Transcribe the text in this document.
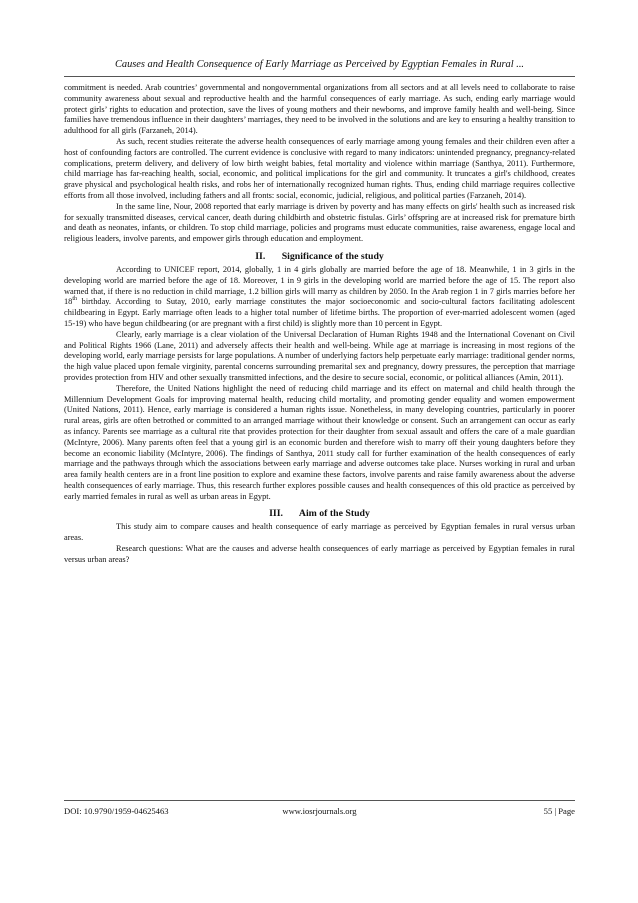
Causes and Health Consequence of Early Marriage as Perceived by Egyptian Females in Rural ...

commitment is needed. Arab countries’ governmental and nongovernmental organizations from all sectors and at all levels need to collaborate to raise community awareness about sexual and reproductive health and the harmful consequences of early marriage. As such, ending early marriage would protect girls’ rights to education and protection, save the lives of young mothers and their newborns, and improve family health and well-being. Since families have tremendous influence in their daughters’ marriages, they need to be involved in the solutions and are key to ensuring a healthy transition to adulthood for all girls (Farzaneh, 2014).

As such, recent studies reiterate the adverse health consequences of early marriage among young females and their children even after a host of confounding factors are controlled. The current evidence is conclusive with regard to many indicators: unintended pregnancy, pregnancy-related complications, preterm delivery, and delivery of low birth weight babies, fetal mortality and violence within marriage (Santhya, 2011). Furthermore, child marriage has far-reaching health, social, economic, and political implications for the girl and community. It truncates a girl's childhood, creates grave physical and psychological health risks, and robs her of internationally recognized human rights. Thus, ending child marriage requires collective efforts from all those involved, including fathers and all fronts: social, economic, judicial, religious, and political parties (Farzaneh, 2014).

In the same line, Nour, 2008 reported that early marriage is driven by poverty and has many effects on girls' health such as increased risk for sexually transmitted diseases, cervical cancer, death during childbirth and obstetric fistulas. Girls’ offspring are at increased risk for premature birth and death as neonates, infants, or children. To stop child marriage, policies and programs must educate communities, raise awareness, engage local and religious leaders, involve parents, and empower girls through education and employment.

II. Significance of the study

According to UNICEF report, 2014, globally, 1 in 4 girls globally are married before the age of 18. Meanwhile, 1 in 3 girls in the developing world are married before the age of 18. Moreover, 1 in 9 girls in the developing world are married before the age of 15. The report also warned that, if there is no reduction in child marriage, 1.2 billion girls will marry as children by 2050. In the Arab region 1 in 7 girls marries before her 18th birthday. According to Sutay, 2010, early marriage constitutes the major socioeconomic and socio-cultural factors facilitating adolescent childbearing in Egypt. Early marriage often leads to a higher total number of lifetime births. The proportion of ever-married adolescent women (aged 15-19) who have begun childbearing (or are pregnant with a first child) is slightly more than 10 percent in Egypt.

Clearly, early marriage is a clear violation of the Universal Declaration of Human Rights 1948 and the International Covenant on Civil and Political Rights 1966 (Lane, 2011) and adversely affects their health and well-being. While age at marriage is increasing in most regions of the developing world, early marriage persists for large populations. A number of underlying factors help perpetuate early marriage: traditional gender norms, the high value placed upon female virginity, parental concerns surrounding premarital sex and pregnancy, dowry pressures, the perception that marriage provides protection from HIV and other sexually transmitted infections, and the desire to secure social, economic, or political alliances (Amin, 2011).

Therefore, the United Nations highlight the need of reducing child marriage and its effect on maternal and child health through the Millennium Development Goals for improving maternal health, reducing child mortality, and promoting gender equality and women empowerment (United Nations, 2011). Hence, early marriage is considered a human rights issue. Nonetheless, in many developing countries, particularly in poorer rural areas, girls are often betrothed or committed to an arranged marriage without their knowledge or consent. Such an arrangement can occur as early as infancy. Parents see marriage as a cultural rite that provides protection for their daughter from sexual assault and offers the care of a male guardian (McIntyre, 2006). Many parents often feel that a young girl is an economic burden and therefore wish to marry off their young daughters before they become an economic liability (McIntyre, 2006). The findings of Santhya, 2011 study call for further examination of the health consequences of early marriage and the pathways through which the associations between early marriage and adverse outcomes take place. Nurses working in rural and urban area family health centers are in a front line position to explore and examine these factors, involve parents and raise family awareness about the adverse health consequences of early marriage. Thus, this research further explores possible causes and health consequences of this old practice as perceived by early married females in rural as well as urban areas in Egypt.

III. Aim of the Study

This study aim to compare causes and health consequence of early marriage as perceived by Egyptian females in rural versus urban areas.

Research questions: What are the causes and adverse health consequences of early marriage as perceived by Egyptian females in rural versus urban areas?

DOI: 10.9790/1959-04625463	www.iosrjournals.org	55 | Page
